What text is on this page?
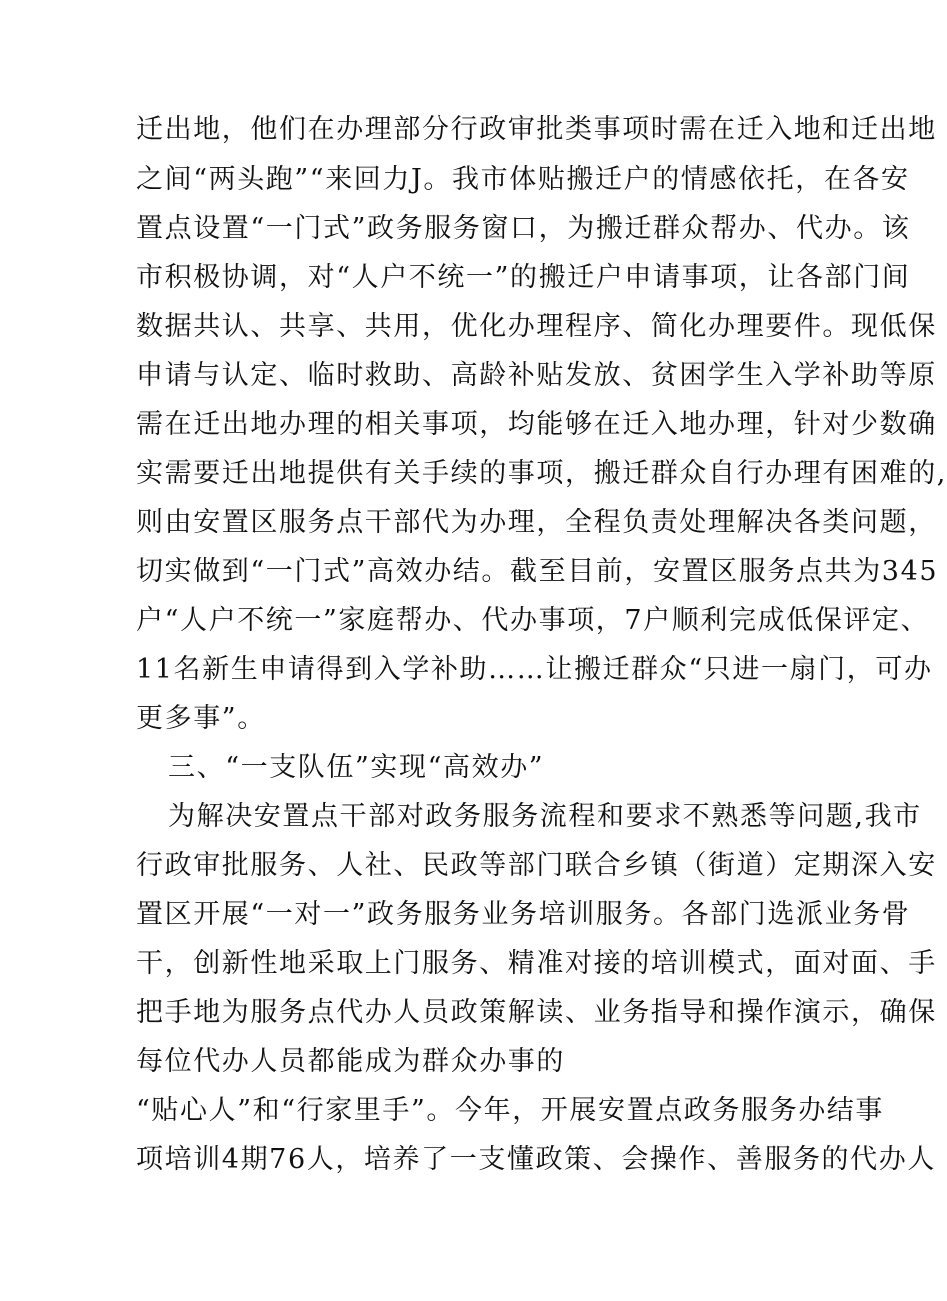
迁出地，他们在办理部分行政审批类事项时需在迁入地和迁出地
之间“两头跑”“来回力J。我市体贴搬迁户的情感依托，在各安
置点设置“一门式”政务服务窗口，为搬迁群众帮办、代办。该
市积极协调，对“人户不统一”的搬迁户申请事项，让各部门间
数据共认、共享、共用，优化办理程序、简化办理要件。现低保
申请与认定、临时救助、高龄补贴发放、贫困学生入学补助等原
需在迁出地办理的相关事项，均能够在迁入地办理，针对少数确
实需要迁出地提供有关手续的事项，搬迁群众自行办理有困难的,
则由安置区服务点干部代为办理，全程负责处理解决各类问题，
切实做到“一门式”高效办结。截至目前，安置区服务点共为345
户“人户不统一”家庭帮办、代办事项，7户顺利完成低保评定、
11名新生申请得到入学补助……让搬迁群众“只进一扇门，可办
更多事”。
三、“一支队伍”实现“高效办”
为解决安置点干部对政务服务流程和要求不熟悉等问题,我市
行政审批服务、人社、民政等部门联合乡镇（街道）定期深入安
置区开展“一对一”政务服务业务培训服务。各部门选派业务骨
干，创新性地采取上门服务、精准对接的培训模式，面对面、手
把手地为服务点代办人员政策解读、业务指导和操作演示，确保
每位代办人员都能成为群众办事的
“贴心人”和“行家里手”。今年，开展安置点政务服务办结事
项培训4期76人，培养了一支懂政策、会操作、善服务的代办人
